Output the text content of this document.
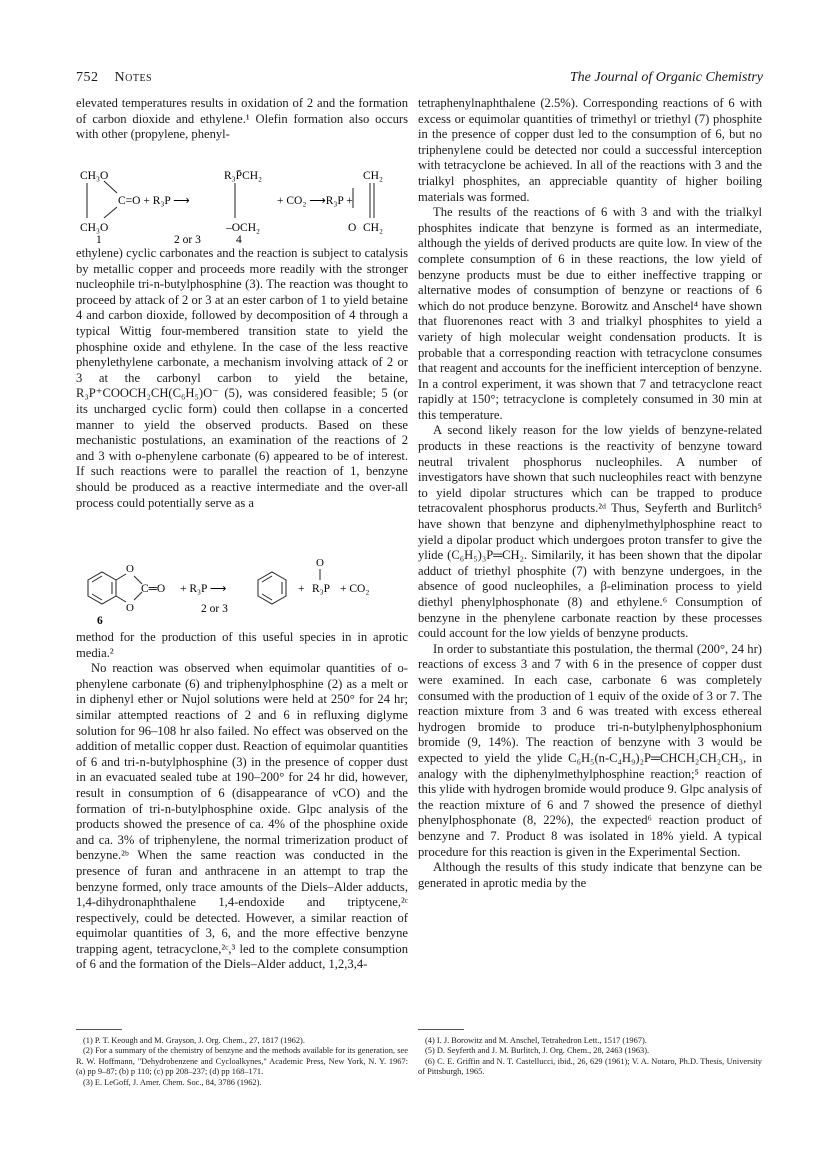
752 Notes	The Journal of Organic Chemistry

elevated temperatures results in oxidation of 2 and the formation of carbon dioxide and ethylene.¹ Olefin formation also occurs with other (propylene, phenyl-

CH₃O
CH₃O
C=O + R₃P ⟶
R₃P̄CH₂
–OCH₂
+ CO₂ ⟶R₃P +
O
CH₂
CH₂
1	2 or 3	4

ethylene) cyclic carbonates and the reaction is subject to catalysis by metallic copper and proceeds more readily with the stronger nucleophile tri-n-butylphosphine (3). The reaction was thought to proceed by attack of 2 or 3 at an ester carbon of 1 to yield betaine 4 and carbon dioxide, followed by decomposition of 4 through a typical Wittig four-membered transition state to yield the phosphine oxide and ethylene. In the case of the less reactive phenylethylene carbonate, a mechanism involving attack of 2 or 3 at the carbonyl carbon to yield the betaine, R₃P⁺COOCH₂CH(C₆H₅)O⁻ (5), was considered feasible; 5 (or its uncharged cyclic form) could then collapse in a concerted manner to yield the observed products. Based on these mechanistic postulations, an examination of the reactions of 2 and 3 with o-phenylene carbonate (6) appeared to be of interest. If such reactions were to parallel the reaction of 1, benzyne should be produced as a reactive intermediate and the over-all process could potentially serve as a

O
O
C═O + R₃P ⟶	+
O
R₃P + CO₂
6
2 or 3

method for the production of this useful species in in aprotic media.²

No reaction was observed when equimolar quantities of o-phenylene carbonate (6) and triphenylphosphine (2) as a melt or in diphenyl ether or Nujol solutions were held at 250° for 24 hr; similar attempted reactions of 2 and 6 in refluxing diglyme solution for 96–108 hr also failed. No effect was observed on the addition of metallic copper dust. Reaction of equimolar quantities of 6 and tri-n-butylphosphine (3) in the presence of copper dust in an evacuated sealed tube at 190–200° for 24 hr did, however, result in consumption of 6 (disappearance of νCO) and the formation of tri-n-butylphosphine oxide. Glpc analysis of the products showed the presence of ca. 4% of the phosphine oxide and ca. 3% of triphenylene, the normal trimerization product of benzyne.²ᵇ When the same reaction was conducted in the presence of furan and anthracene in an attempt to trap the benzyne formed, only trace amounts of the Diels–Alder adducts, 1,4-dihydronaphthalene 1,4-endoxide and triptycene,²ᶜ respectively, could be detected. However, a similar reaction of equimolar quantities of 3, 6, and the more effective benzyne trapping agent, tetracyclone,²ᶜ,³ led to the complete consumption of 6 and the formation of the Diels–Alder adduct, 1,2,3,4-

tetraphenylnaphthalene (2.5%). Corresponding reactions of 6 with excess or equimolar quantities of trimethyl or triethyl (7) phosphite in the presence of copper dust led to the consumption of 6, but no triphenylene could be detected nor could a successful interception with tetracyclone be achieved. In all of the reactions with 3 and the trialkyl phosphites, an appreciable quantity of higher boiling materials was formed.

The results of the reactions of 6 with 3 and with the trialkyl phosphites indicate that benzyne is formed as an intermediate, although the yields of derived products are quite low. In view of the complete consumption of 6 in these reactions, the low yield of benzyne products must be due to either ineffective trapping or alternative modes of consumption of benzyne or reactions of 6 which do not produce benzyne. Borowitz and Anschel⁴ have shown that fluorenones react with 3 and trialkyl phosphites to yield a variety of high molecular weight condensation products. It is probable that a corresponding reaction with tetracyclone consumes that reagent and accounts for the inefficient interception of benzyne. In a control experiment, it was shown that 7 and tetracyclone react rapidly at 150°; tetracyclone is completely consumed in 30 min at this temperature.

A second likely reason for the low yields of benzyne-related products in these reactions is the reactivity of benzyne toward neutral trivalent phosphorus nucleophiles. A number of investigators have shown that such nucleophiles react with benzyne to yield dipolar structures which can be trapped to produce tetracovalent phosphorus products.²ᵈ Thus, Seyferth and Burlitch⁵ have shown that benzyne and diphenylmethylphosphine react to yield a dipolar product which undergoes proton transfer to give the ylide (C₆H₅)₃P═CH₂. Similarily, it has been shown that the dipolar adduct of triethyl phosphite (7) with benzyne undergoes, in the absence of good nucleophiles, a β-elimination process to yield diethyl phenylphosphonate (8) and ethylene.⁶ Consumption of benzyne in the phenylene carbonate reaction by these processes could account for the low yields of benzyne products.

In order to substantiate this postulation, the thermal (200°, 24 hr) reactions of excess 3 and 7 with 6 in the presence of copper dust were examined. In each case, carbonate 6 was completely consumed with the production of 1 equiv of the oxide of 3 or 7. The reaction mixture from 3 and 6 was treated with excess ethereal hydrogen bromide to produce tri-n-butylphenylphosphonium bromide (9, 14%). The reaction of benzyne with 3 would be expected to yield the ylide C₆H₅(n-C₄H₉)₂P═CHCH₂CH₂CH₃, in analogy with the diphenylmethylphosphine reaction;⁵ reaction of this ylide with hydrogen bromide would produce 9. Glpc analysis of the reaction mixture of 6 and 7 showed the presence of diethyl phenylphosphonate (8, 22%), the expected⁶ reaction product of benzyne and 7. Product 8 was isolated in 18% yield. A typical procedure for this reaction is given in the Experimental Section.

Although the results of this study indicate that benzyne can be generated in aprotic media by the

(1) P. T. Keough and M. Grayson, J. Org. Chem., 27, 1817 (1962).
(2) For a summary of the chemistry of benzyne and the methods available for its generation, see R. W. Hoffmann, "Dehydrobenzene and Cycloalkynes," Academic Press, New York, N. Y. 1967: (a) pp 9–87; (b) p 110; (c) pp 208–237; (d) pp 168–171.
(3) E. LeGoff, J. Amer. Chem. Soc., 84, 3786 (1962).
(4) I. J. Borowitz and M. Anschel, Tetrahedron Lett., 1517 (1967).
(5) D. Seyferth and J. M. Burlitch, J. Org. Chem., 28, 2463 (1963).
(6) C. E. Griffin and N. T. Castellucci, ibid., 26, 629 (1961); V. A. Notaro, Ph.D. Thesis, University of Pittsburgh, 1965.
